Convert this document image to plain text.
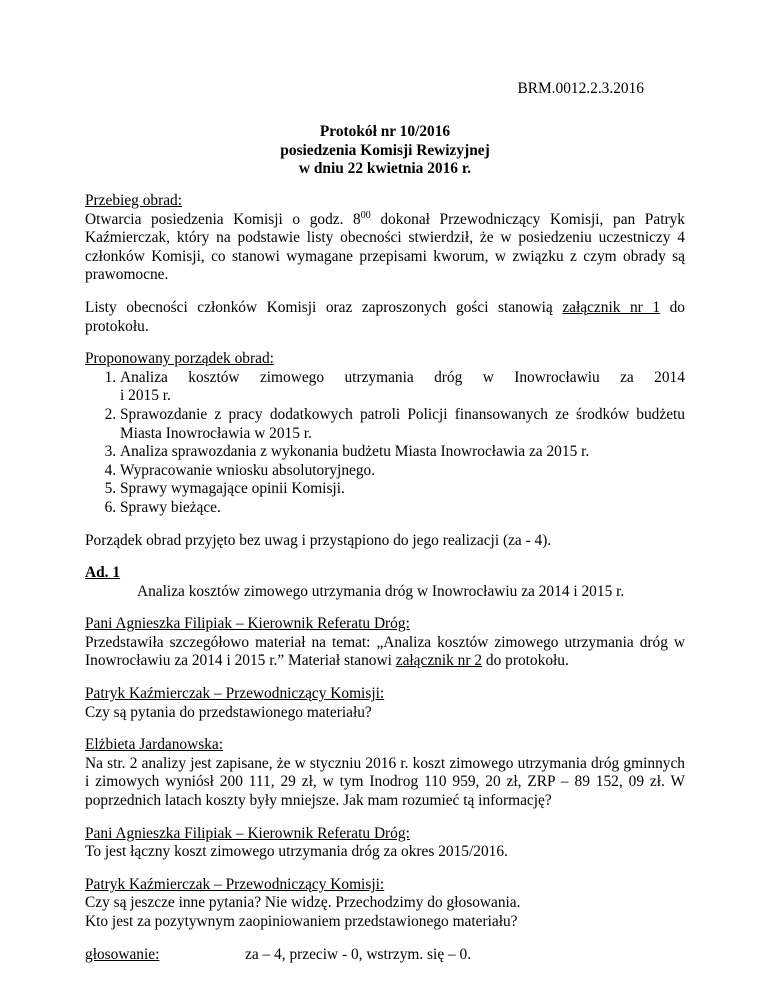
BRM.0012.2.3.2016
Protokół nr 10/2016
posiedzenia Komisji Rewizyjnej
w dniu 22 kwietnia 2016 r.

Przebieg obrad:

Otwarcia posiedzenia Komisji o godz. $8^{00}$ dokonał Przewodniczący Komisji, pan Patryk Kaźmierczak, który na podstawie listy obecności stwierdził, że w posiedzeniu uczestniczy 4 członków Komisji, co stanowi wymagane przepisami kworum, w związku z czym obrady są prawomocne.

Listy obecności członków Komisji oraz zaproszonych gości stanowią załącznik nr 1 do protokołu.

Proponowany porządek obrad:

1. Analiza kosztów zimowego utrzymania dróg w Inowrocławiu za 2014
i 2015 r.
2. Sprawozdanie z pracy dodatkowych patroli Policji finansowanych ze środków budżetu Miasta Inowrocławia w 2015 r.
3. Analiza sprawozdania z wykonania budżetu Miasta Inowrocławia za 2015 r.
4. Wypracowanie wniosku absolutoryjnego.
5. Sprawy wymagające opinii Komisji.
6. Sprawy bieżące.

Porządek obrad przyjęto bez uwag i przystąpiono do jego realizacji (za - 4).

Ad. 1

Analiza kosztów zimowego utrzymania dróg w Inowrocławiu za 2014 i 2015 r.

Pani Agnieszka Filipiak – Kierownik Referatu Dróg:

Przedstawiła szczegółowo materiał na temat: „Analiza kosztów zimowego utrzymania dróg w Inowrocławiu za 2014 i 2015 r.” Materiał stanowi załącznik nr 2 do protokołu.

Patryk Kaźmierczak – Przewodniczący Komisji:

Czy są pytania do przedstawionego materiału?

Elżbieta Jardanowska:

Na str. 2 analizy jest zapisane, że w styczniu 2016 r. koszt zimowego utrzymania dróg gminnych i zimowych wyniósł 200 111, 29 zł, w tym Inodrog 110 959, 20 zł, ZRP – 89 152, 09 zł. W poprzednich latach koszty były mniejsze. Jak mam rozumieć tą informację?

Pani Agnieszka Filipiak – Kierownik Referatu Dróg:

To jest łączny koszt zimowego utrzymania dróg za okres 2015/2016.

Patryk Kaźmierczak – Przewodniczący Komisji:

Czy są jeszcze inne pytania? Nie widzę. Przechodzimy do głosowania.

Kto jest za pozytywnym zaopiniowaniem przedstawionego materiału?

głosowanie:	za – 4, przeciw - 0, wstrzym. się – 0.
